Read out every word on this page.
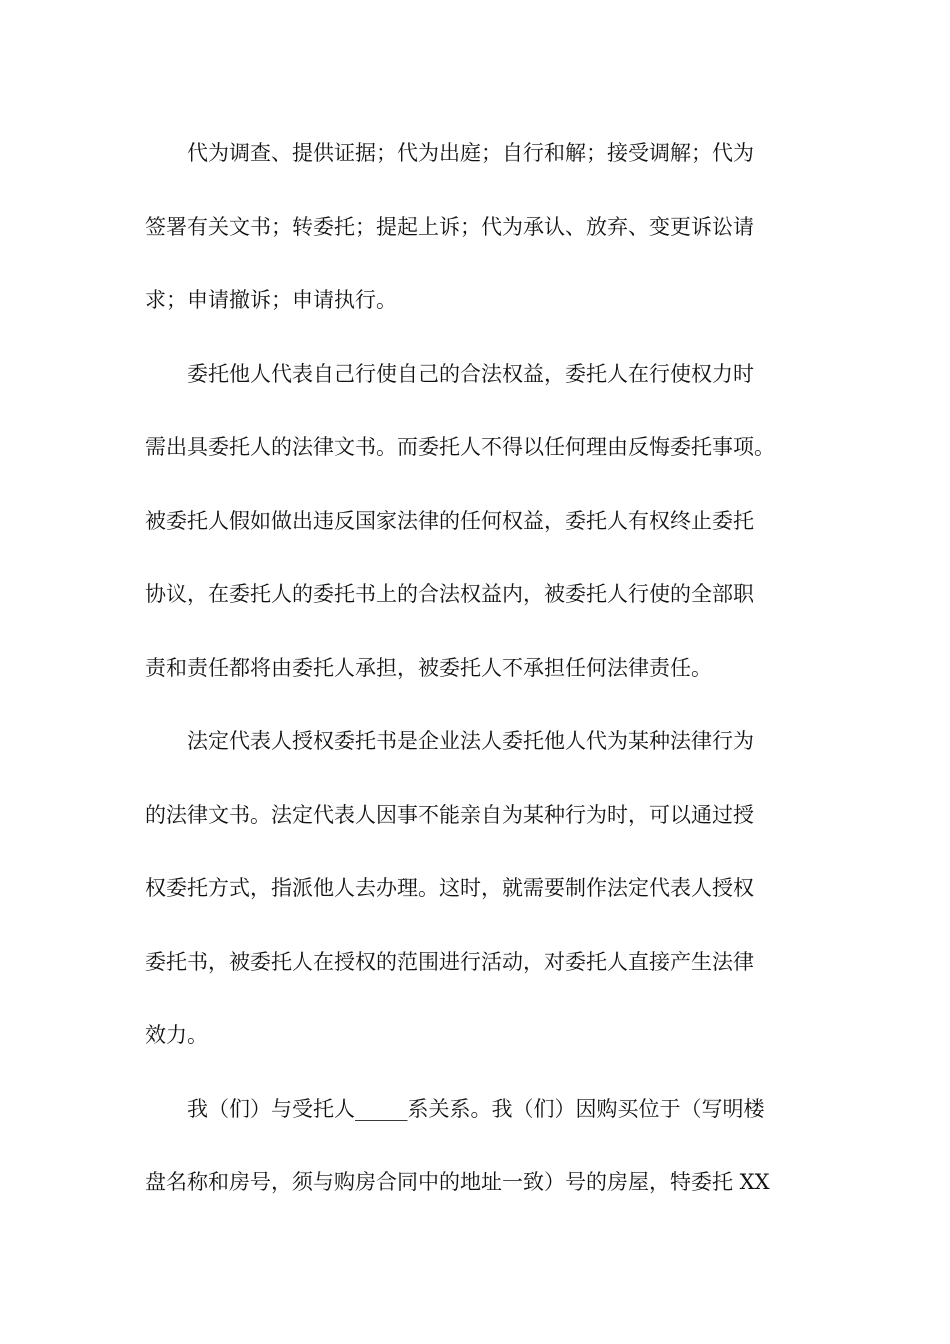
代为调查、提供证据；代为出庭；自行和解；接受调解；代为
签署有关文书；转委托；提起上诉；代为承认、放弃、变更诉讼请
求；申请撤诉；申请执行。

委托他人代表自己行使自己的合法权益，委托人在行使权力时
需出具委托人的法律文书。而委托人不得以任何理由反悔委托事项。
被委托人假如做出违反国家法律的任何权益，委托人有权终止委托
协议，在委托人的委托书上的合法权益内，被委托人行使的全部职
责和责任都将由委托人承担，被委托人不承担任何法律责任。

法定代表人授权委托书是企业法人委托他人代为某种法律行为
的法律文书。法定代表人因事不能亲自为某种行为时，可以通过授
权委托方式，指派他人去办理。这时，就需要制作法定代表人授权
委托书，被委托人在授权的范围进行活动，对委托人直接产生法律
效力。

我（们）与受托人_____系关系。我（们）因购买位于（写明楼
盘名称和房号，须与购房合同中的地址一致）号的房屋，特委托 XX
